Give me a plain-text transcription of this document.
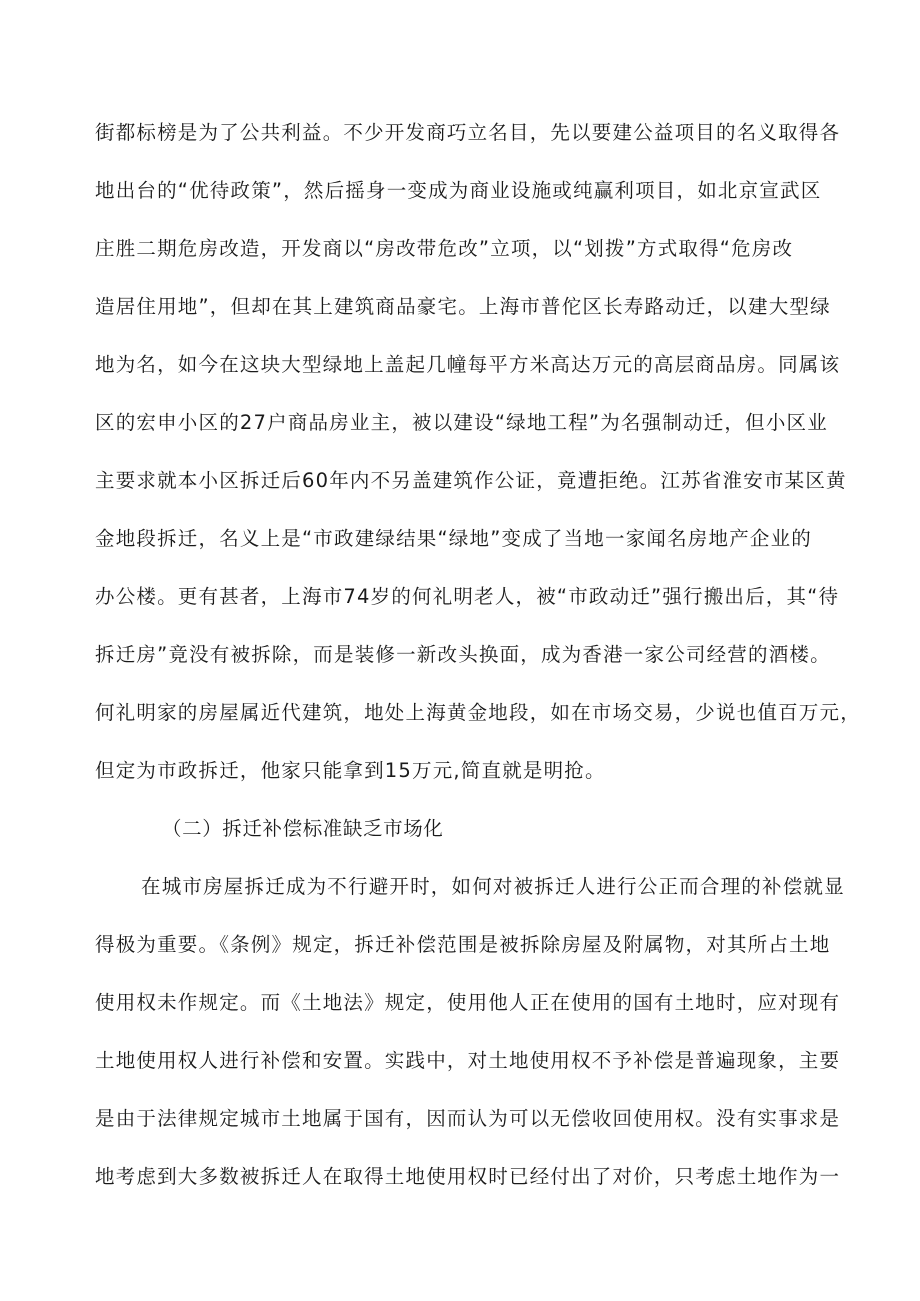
街都标榜是为了公共利益。不少开发商巧立名目，先以要建公益项目的名义取得各
地出台的“优待政策”，然后摇身一变成为商业设施或纯赢利项目，如北京宣武区
庄胜二期危房改造，开发商以“房改带危改”立项，以“划拨”方式取得“危房改
造居住用地”，但却在其上建筑商品豪宅。上海市普佗区长寿路动迁，以建大型绿
地为名，如今在这块大型绿地上盖起几幢每平方米高达万元的高层商品房。同属该
区的宏申小区的27户商品房业主，被以建设“绿地工程”为名强制动迁，但小区业
主要求就本小区拆迁后60年内不另盖建筑作公证，竟遭拒绝。江苏省淮安市某区黄
金地段拆迁，名义上是“市政建绿结果“绿地”变成了当地一家闻名房地产企业的
办公楼。更有甚者，上海市74岁的何礼明老人，被“市政动迁”强行搬出后，其“待
拆迁房”竟没有被拆除，而是装修一新改头换面，成为香港一家公司经营的酒楼。
何礼明家的房屋属近代建筑，地处上海黄金地段，如在市场交易，少说也值百万元，
但定为市政拆迁，他家只能拿到15万元,简直就是明抢。
（二）拆迁补偿标准缺乏市场化
在城市房屋拆迁成为不行避开时，如何对被拆迁人进行公正而合理的补偿就显
得极为重要。《条例》规定，拆迁补偿范围是被拆除房屋及附属物，对其所占土地
使用权未作规定。而《土地法》规定，使用他人正在使用的国有土地时，应对现有
土地使用权人进行补偿和安置。实践中，对土地使用权不予补偿是普遍现象，主要
是由于法律规定城市土地属于国有，因而认为可以无偿收回使用权。没有实事求是
地考虑到大多数被拆迁人在取得土地使用权时已经付出了对价，只考虑土地作为一
